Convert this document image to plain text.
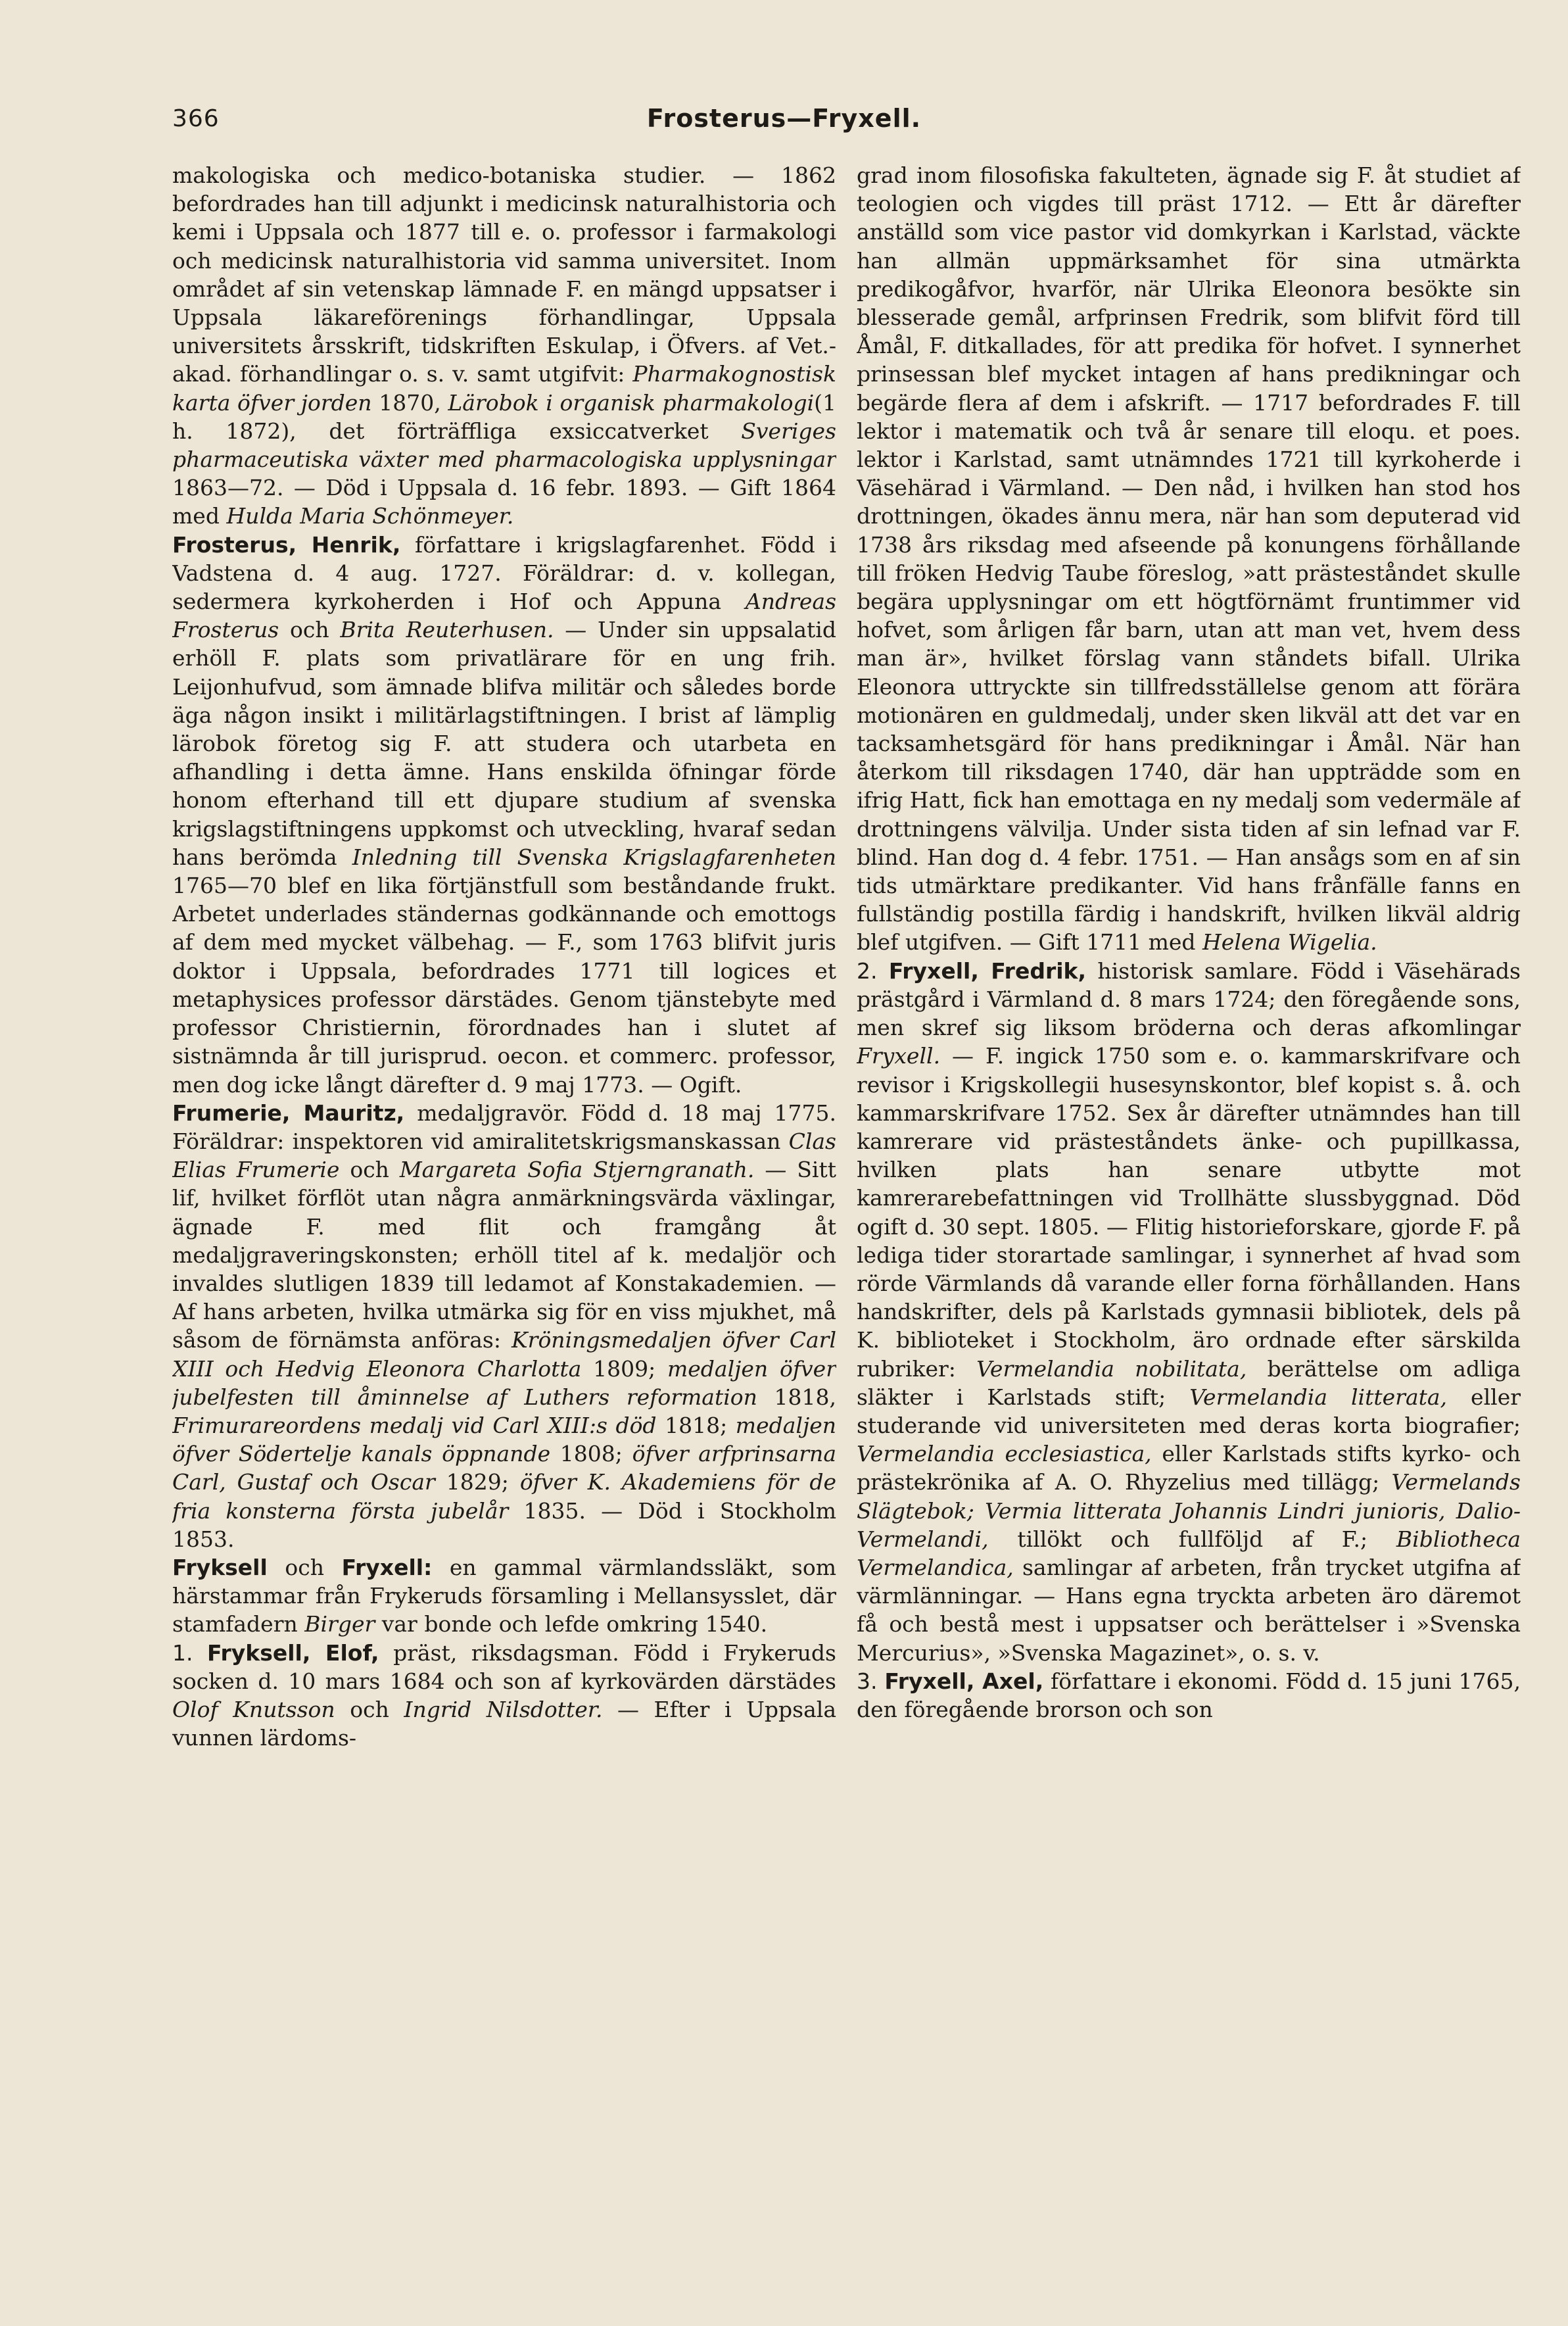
366	Frosterus—Fryxell.

makologiska och medico-botaniska studier. — 1862 befordrades han till adjunkt i medicinsk naturalhistoria och kemi i Uppsala och 1877 till e. o. professor i farmakologi och medicinsk naturalhistoria vid samma universitet. Inom området af sin vetenskap lämnade F. en mängd uppsatser i Uppsala läkareförenings förhandlingar, Uppsala universitets årsskrift, tidskriften Eskulap, i Öfvers. af Vet.-akad. förhandlingar o. s. v. samt utgifvit: Pharmakognostisk karta öfver jorden 1870, Lärobok i organisk pharmakologi(1 h. 1872), det förträffliga exsiccatverket Sveriges pharmaceutiska växter med pharmacologiska upplysningar 1863—72. — Död i Uppsala d. 16 febr. 1893. — Gift 1864 med Hulda Maria Schönmeyer.

Frosterus, Henrik, författare i krigslagfarenhet. Född i Vadstena d. 4 aug. 1727. Föräldrar: d. v. kollegan, sedermera kyrkoherden i Hof och Appuna Andreas Frosterus och Brita Reuterhusen. — Under sin uppsalatid erhöll F. plats som privatlärare för en ung frih. Leijonhufvud, som ämnade blifva militär och således borde äga någon insikt i militärlagstiftningen. I brist af lämplig lärobok företog sig F. att studera och utarbeta en afhandling i detta ämne. Hans enskilda öfningar förde honom efterhand till ett djupare studium af svenska krigslagstiftningens uppkomst och utveckling, hvaraf sedan hans berömda Inledning till Svenska Krigslagfarenheten 1765—70 blef en lika förtjänstfull som beståndande frukt. Arbetet underlades ständernas godkännande och emottogs af dem med mycket välbehag. — F., som 1763 blifvit juris doktor i Uppsala, befordrades 1771 till logices et metaphysices professor därstädes. Genom tjänstebyte med professor Christiernin, förordnades han i slutet af sistnämnda år till jurisprud. oecon. et commerc. professor, men dog icke långt därefter d. 9 maj 1773. — Ogift.

Frumerie, Mauritz, medaljgravör. Född d. 18 maj 1775. Föräldrar: inspektoren vid amiralitetskrigsmanskassan Clas Elias Frumerie och Margareta Sofia Stjerngranath. — Sitt lif, hvilket förflöt utan några anmärkningsvärda växlingar, ägnade F. med flit och framgång åt medaljgraveringskonsten; erhöll titel af k. medaljör och invaldes slutligen 1839 till ledamot af Konstakademien. — Af hans arbeten, hvilka utmärka sig för en viss mjukhet, må såsom de förnämsta anföras: Kröningsmedaljen öfver Carl XIII och Hedvig Eleonora Charlotta 1809; medaljen öfver jubelfesten till åminnelse af Luthers reformation 1818, Frimurareordens medalj vid Carl XIII:s död 1818; medaljen öfver Södertelje kanals öppnande 1808; öfver arfprinsarna Carl, Gustaf och Oscar 1829; öfver K. Akademiens för de fria konsterna första jubelår 1835. — Död i Stockholm 1853.

Fryksell och Fryxell: en gammal värmlandssläkt, som härstammar från Frykeruds församling i Mellansysslet, där stamfadern Birger var bonde och lefde omkring 1540.

1. Fryksell, Elof, präst, riksdagsman. Född i Frykeruds socken d. 10 mars 1684 och son af kyrkovärden därstädes Olof Knutsson och Ingrid Nilsdotter. — Efter i Uppsala vunnen lärdoms-

grad inom filosofiska fakulteten, ägnade sig F. åt studiet af teologien och vigdes till präst 1712. — Ett år därefter anställd som vice pastor vid domkyrkan i Karlstad, väckte han allmän uppmärksamhet för sina utmärkta predikogåfvor, hvarför, när Ulrika Eleonora besökte sin blesserade gemål, arfprinsen Fredrik, som blifvit förd till Åmål, F. ditkallades, för att predika för hofvet. I synnerhet prinsessan blef mycket intagen af hans predikningar och begärde flera af dem i afskrift. — 1717 befordrades F. till lektor i matematik och två år senare till eloqu. et poes. lektor i Karlstad, samt utnämndes 1721 till kyrkoherde i Väsehärad i Värmland. — Den nåd, i hvilken han stod hos drottningen, ökades ännu mera, när han som deputerad vid 1738 års riksdag med afseende på konungens förhållande till fröken Hedvig Taube föreslog, »att prästeståndet skulle begära upplysningar om ett högtförnämt fruntimmer vid hofvet, som årligen får barn, utan att man vet, hvem dess man är», hvilket förslag vann ståndets bifall. Ulrika Eleonora uttryckte sin tillfredsställelse genom att förära motionären en guldmedalj, under sken likväl att det var en tacksamhetsgärd för hans predikningar i Åmål. När han återkom till riksdagen 1740, där han uppträdde som en ifrig Hatt, fick han emottaga en ny medalj som vedermäle af drottningens välvilja. Under sista tiden af sin lefnad var F. blind. Han dog d. 4 febr. 1751. — Han ansågs som en af sin tids utmärktare predikanter. Vid hans frånfälle fanns en fullständig postilla färdig i handskrift, hvilken likväl aldrig blef utgifven. — Gift 1711 med Helena Wigelia.

2. Fryxell, Fredrik, historisk samlare. Född i Väsehärads prästgård i Värmland d. 8 mars 1724; den föregående sons, men skref sig liksom bröderna och deras afkomlingar Fryxell. — F. ingick 1750 som e. o. kammarskrifvare och revisor i Krigskollegii husesynskontor, blef kopist s. å. och kammarskrifvare 1752. Sex år därefter utnämndes han till kamrerare vid prästeståndets änke- och pupillkassa, hvilken plats han senare utbytte mot kamrerarebefattningen vid Trollhätte slussbyggnad. Död ogift d. 30 sept. 1805. — Flitig historieforskare, gjorde F. på lediga tider storartade samlingar, i synnerhet af hvad som rörde Värmlands då varande eller forna förhållanden. Hans handskrifter, dels på Karlstads gymnasii bibliotek, dels på K. biblioteket i Stockholm, äro ordnade efter särskilda rubriker: Vermelandia nobilitata, berättelse om adliga släkter i Karlstads stift; Vermelandia litterata, eller studerande vid universiteten med deras korta biografier; Vermelandia ecclesiastica, eller Karlstads stifts kyrko- och prästekrönika af A. O. Rhyzelius med tillägg; Vermelands Slägtebok; Vermia litterata Johannis Lindri junioris, Dalio-Vermelandi, tillökt och fullföljd af F.; Bibliotheca Vermelandica, samlingar af arbeten, från trycket utgifna af värmlänningar. — Hans egna tryckta arbeten äro däremot få och bestå mest i uppsatser och berättelser i »Svenska Mercurius», »Svenska Magazinet», o. s. v.

3. Fryxell, Axel, författare i ekonomi. Född d. 15 juni 1765, den föregående brorson och son
